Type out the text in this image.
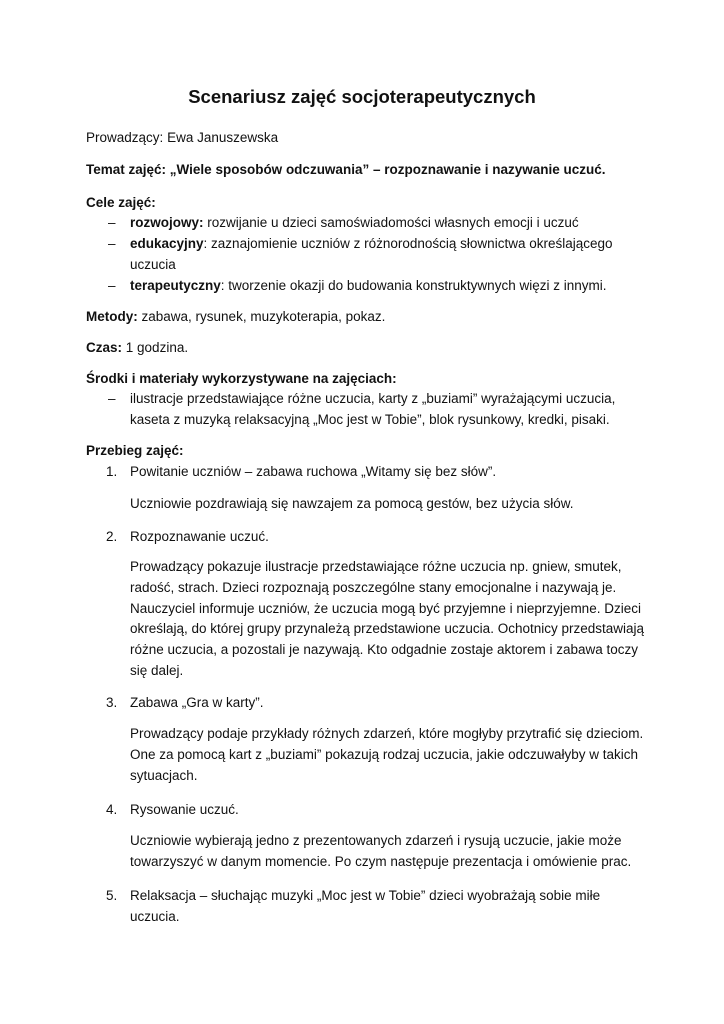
Scenariusz zajęć socjoterapeutycznych
Prowadzący: Ewa Januszewska
Temat zajęć: „Wiele sposobów odczuwania” – rozpoznawanie i nazywanie uczuć.
Cele zajęć:
– rozwojowy: rozwijanie u dzieci samoświadomości własnych emocji i uczuć
– edukacyjny: zaznajomienie uczniów z różnorodnością słownictwa określającego
uczucia
– terapeutyczny: tworzenie okazji do budowania konstruktywnych więzi z innymi.
Metody: zabawa, rysunek, muzykoterapia, pokaz.
Czas: 1 godzina.
Środki i materiały wykorzystywane na zajęciach:
– ilustracje przedstawiające różne uczucia, karty z „buziami” wyrażającymi uczucia,
kaseta z muzyką relaksacyjną „Moc jest w Tobie”, blok rysunkowy, kredki, pisaki.
Przebieg zajęć:
1. Powitanie uczniów – zabawa ruchowa „Witamy się bez słów”.
Uczniowie pozdrawiają się nawzajem za pomocą gestów, bez użycia słów.
2. Rozpoznawanie uczuć.
Prowadzący pokazuje ilustracje przedstawiające różne uczucia np. gniew, smutek,
radość, strach. Dzieci rozpoznają poszczególne stany emocjonalne i nazywają je.
Nauczyciel informuje uczniów, że uczucia mogą być przyjemne i nieprzyjemne. Dzieci
określają, do której grupy przynależą przedstawione uczucia. Ochotnicy przedstawiają
różne uczucia, a pozostali je nazywają. Kto odgadnie zostaje aktorem i zabawa toczy
się dalej.
3. Zabawa „Gra w karty”.
Prowadzący podaje przykłady różnych zdarzeń, które mogłyby przytrafić się dzieciom.
One za pomocą kart z „buziami” pokazują rodzaj uczucia, jakie odczuwałyby w takich
sytuacjach.
4. Rysowanie uczuć.
Uczniowie wybierają jedno z prezentowanych zdarzeń i rysują uczucie, jakie może
towarzyszyć w danym momencie. Po czym następuje prezentacja i omówienie prac.
5. Relaksacja – słuchając muzyki „Moc jest w Tobie” dzieci wyobrażają sobie miłe
uczucia.
